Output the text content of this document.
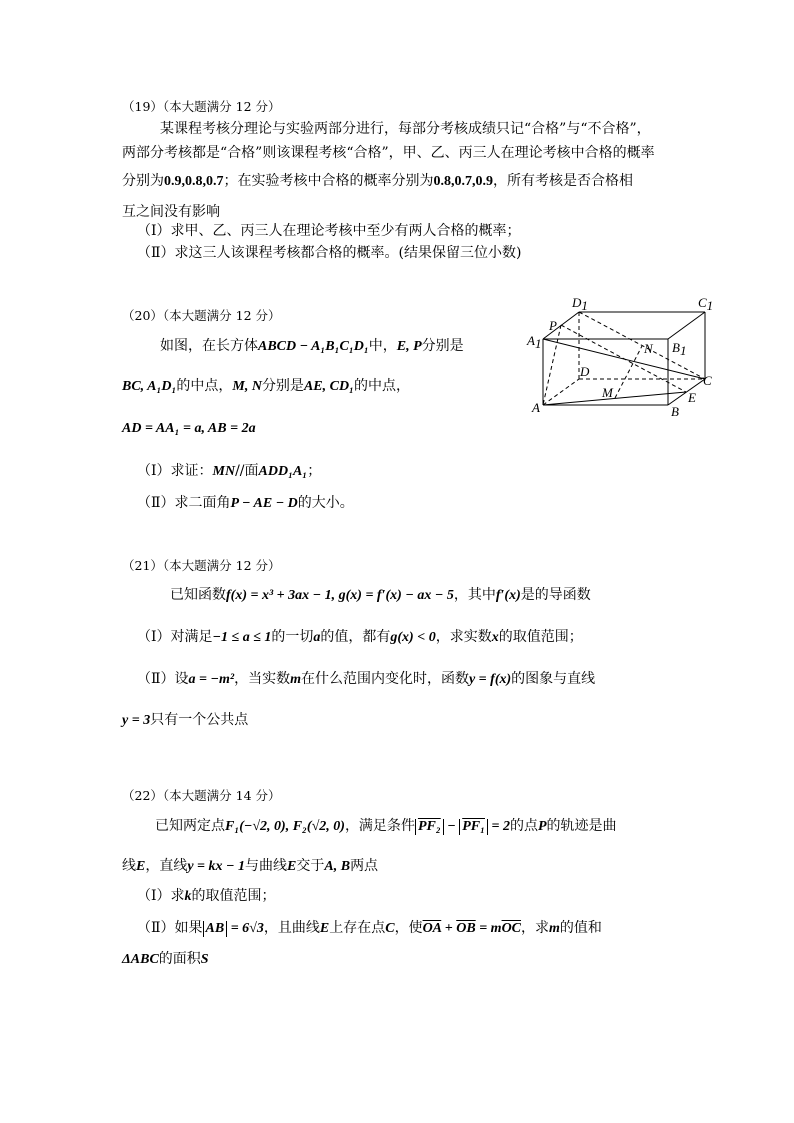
（19）（本大题满分 12 分）
某课程考核分理论与实验两部分进行，每部分考核成绩只记“合格”与“不合格”，
两部分考核都是“合格”则该课程考核“合格”，甲、乙、丙三人在理论考核中合格的概率
分别为0.9,0.8,0.7；在实验考核中合格的概率分别为0.8,0.7,0.9，所有考核是否合格相
互之间没有影响
（Ⅰ）求甲、乙、丙三人在理论考核中至少有两人合格的概率；
（Ⅱ）求这三人该课程考核都合格的概率。(结果保留三位小数)
（20）（本大题满分 12 分）
如图，在长方体ABCD − A₁B₁C₁D₁中，E, P分别是
BC, A₁D₁的中点，M, N分别是AE, CD₁的中点，
AD = AA₁ = a, AB = 2a
（Ⅰ）求证：MN//面ADD₁A₁；
（Ⅱ）求二面角P − AE − D的大小。
D1	C1
A1	B1
P
N
D
C
M	E
A	B
（21）（本大题满分 12 分）
已知函数f(x) = x³ + 3ax − 1, g(x) = f′(x) − ax − 5，其中f′(x)是的导函数
（Ⅰ）对满足−1 ≤ a ≤ 1的一切a的值，都有g(x) < 0，求实数x的取值范围；
（Ⅱ）设a = −m²，当实数m在什么范围内变化时，函数y = f(x)的图象与直线
y = 3只有一个公共点
（22）（本大题满分 14 分）
已知两定点F₁(−√2, 0), F₂(√2, 0)，满足条件 PF₂ − PF₁ = 2的点P的轨迹是曲
线E，直线y = kx − 1与曲线E交于A, B两点
（Ⅰ）求k的取值范围；
（Ⅱ）如果 AB = 6√3，且曲线E上存在点C，使$\overline{OA} + \overline{OB} = m\overline{OC}$，求m的值和
ΔABC的面积S
